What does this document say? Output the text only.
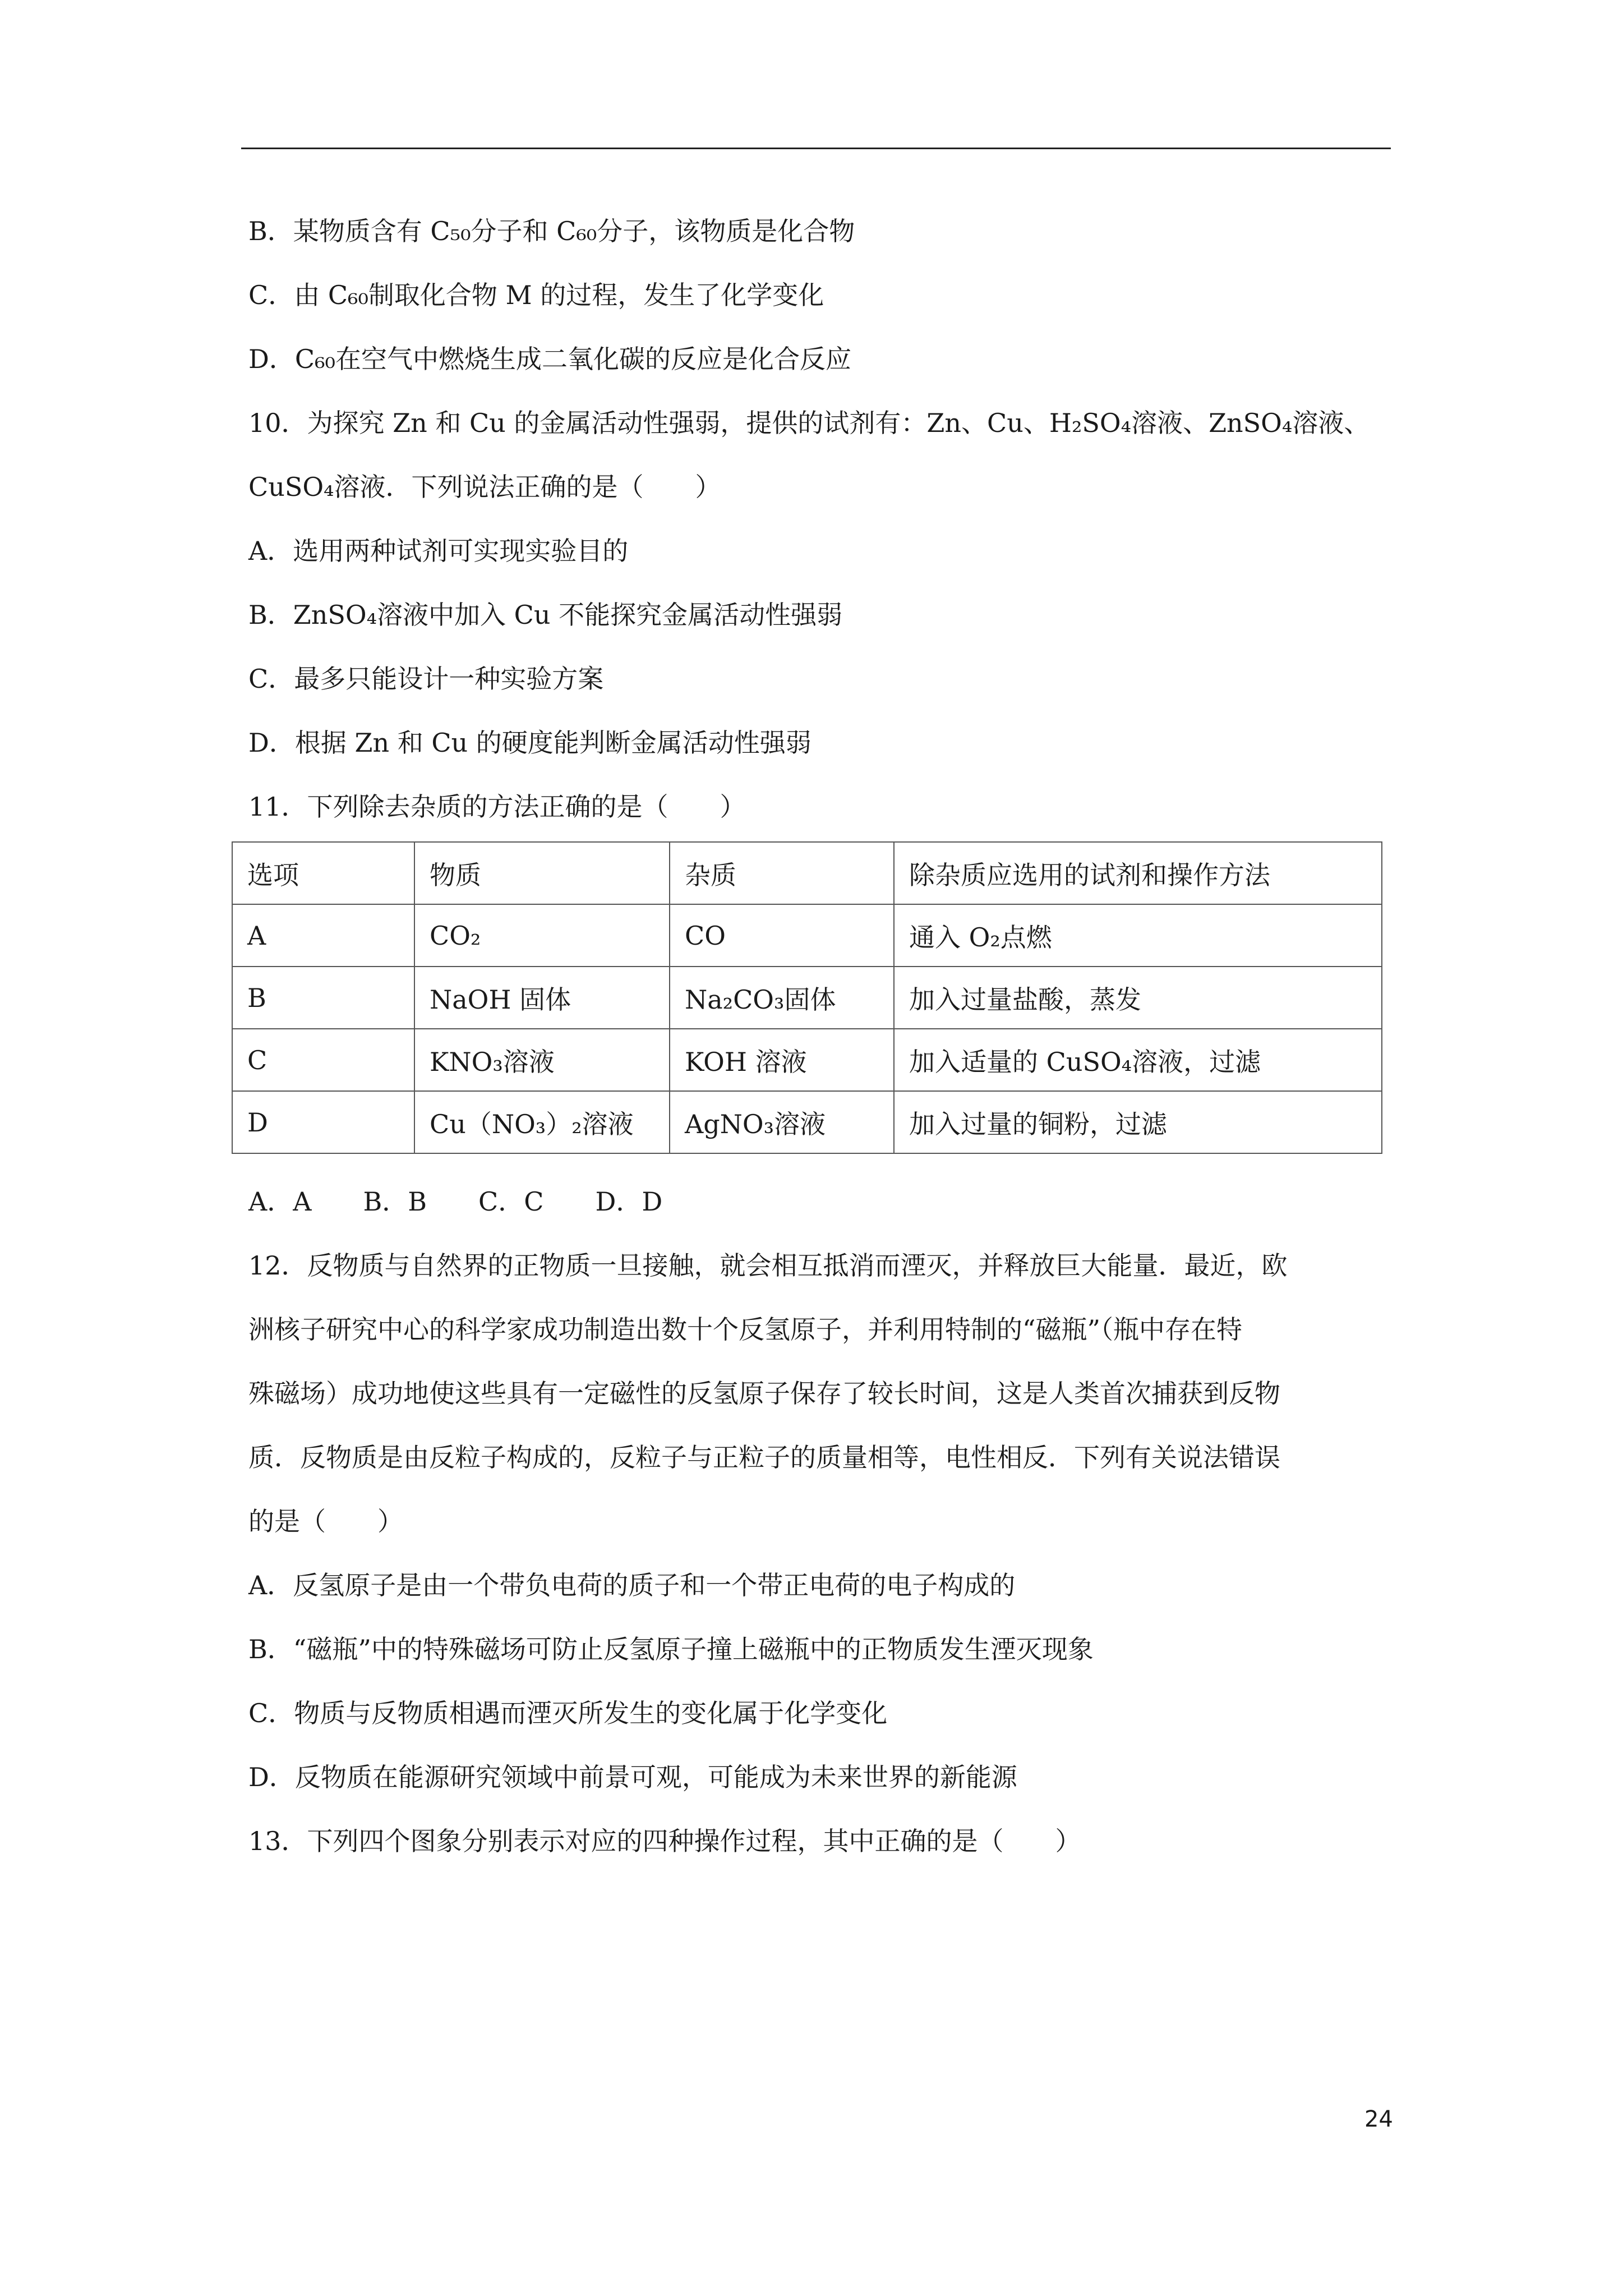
B．某物质含有 C₅₀分子和 C₆₀分子，该物质是化合物
C．由 C₆₀制取化合物 M 的过程，发生了化学变化
D．C₆₀在空气中燃烧生成二氧化碳的反应是化合反应
10．为探究 Zn 和 Cu 的金属活动性强弱，提供的试剂有：Zn、Cu、H₂SO₄溶液、ZnSO₄溶液、
CuSO₄溶液．下列说法正确的是（　　）
A．选用两种试剂可实现实验目的
B．ZnSO₄溶液中加入 Cu 不能探究金属活动性强弱
C．最多只能设计一种实验方案
D．根据 Zn 和 Cu 的硬度能判断金属活动性强弱
11．下列除去杂质的方法正确的是（　　）
选项	物质	杂质	除杂质应选用的试剂和操作方法
A	CO₂	CO	通入 O₂点燃
B	NaOH 固体	Na₂CO₃固体	加入过量盐酸，蒸发
C	KNO₃溶液	KOH 溶液	加入适量的 CuSO₄溶液，过滤
D	Cu（NO₃）₂溶液	AgNO₃溶液	加入过量的铜粉，过滤
A．A　　B．B　　C．C　　D．D
12．反物质与自然界的正物质一旦接触，就会相互抵消而湮灭，并释放巨大能量．最近，欧
洲核子研究中心的科学家成功制造出数十个反氢原子，并利用特制的“磁瓶”（瓶中存在特
殊磁场）成功地使这些具有一定磁性的反氢原子保存了较长时间，这是人类首次捕获到反物
质．反物质是由反粒子构成的，反粒子与正粒子的质量相等，电性相反．下列有关说法错误
的是（　　）
A．反氢原子是由一个带负电荷的质子和一个带正电荷的电子构成的
B．“磁瓶”中的特殊磁场可防止反氢原子撞上磁瓶中的正物质发生湮灭现象
C．物质与反物质相遇而湮灭所发生的变化属于化学变化
D．反物质在能源研究领域中前景可观，可能成为未来世界的新能源
13．下列四个图象分别表示对应的四种操作过程，其中正确的是（　　）
24
